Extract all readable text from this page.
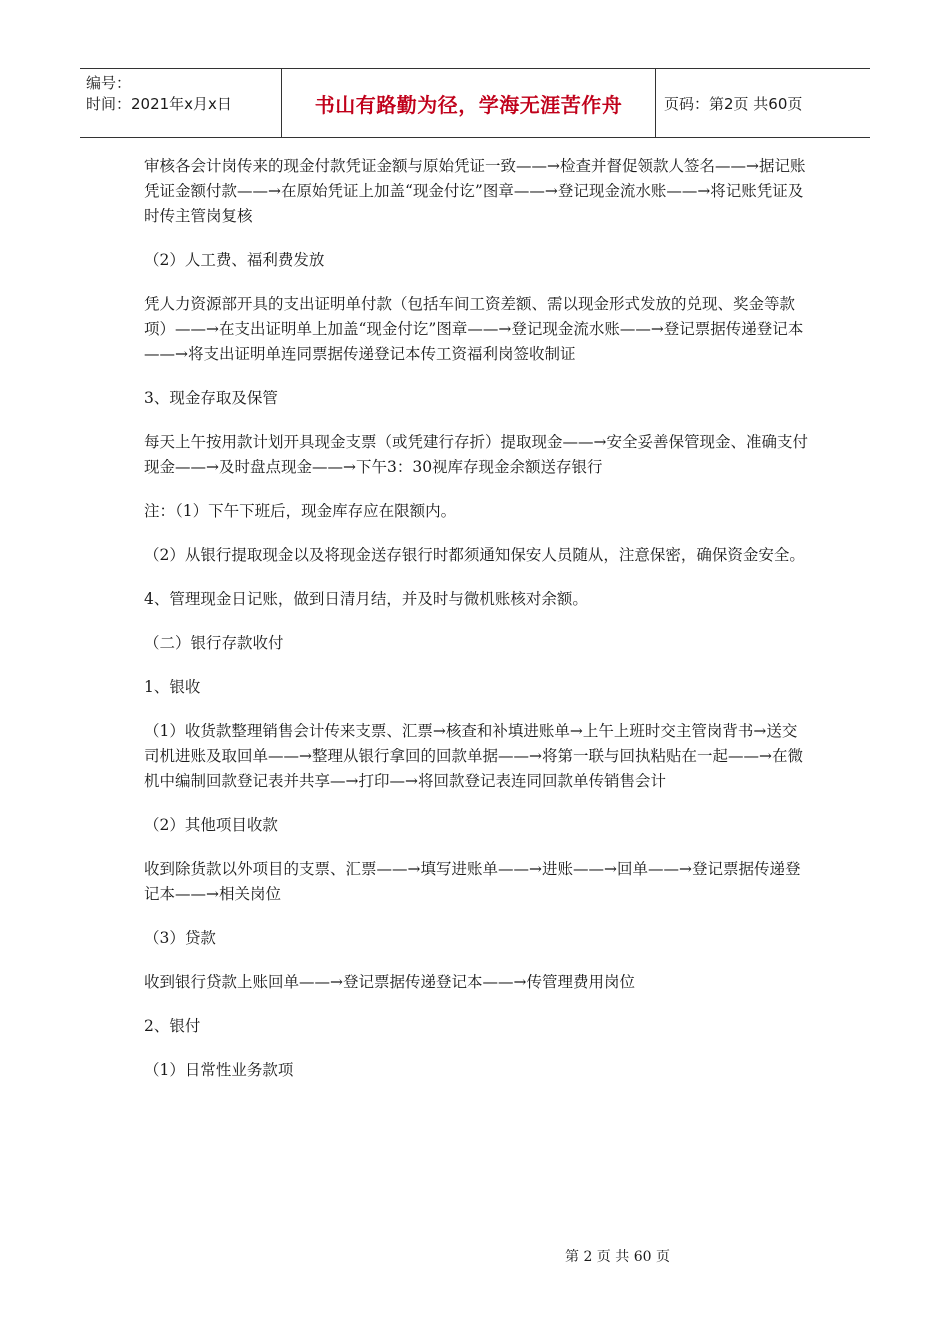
编号：
时间：2021年x月x日	书山有路勤为径，学海无涯苦作舟	页码：第2页 共60页

审核各会计岗传来的现金付款凭证金额与原始凭证一致——→检查并督促领款人签名——→据记账凭证金额付款——→在原始凭证上加盖“现金付讫”图章——→登记现金流水账——→将记账凭证及时传主管岗复核

（2）人工费、福利费发放

凭人力资源部开具的支出证明单付款（包括车间工资差额、需以现金形式发放的兑现、奖金等款项）——→在支出证明单上加盖“现金付讫”图章——→登记现金流水账——→登记票据传递登记本——→将支出证明单连同票据传递登记本传工资福利岗签收制证

3、现金存取及保管

每天上午按用款计划开具现金支票（或凭建行存折）提取现金——→安全妥善保管现金、准确支付现金——→及时盘点现金——→下午3：30视库存现金余额送存银行

注：（1）下午下班后，现金库存应在限额内。

（2）从银行提取现金以及将现金送存银行时都须通知保安人员随从，注意保密，确保资金安全。

4、管理现金日记账，做到日清月结，并及时与微机账核对余额。

（二）银行存款收付

1、银收

（1）收货款整理销售会计传来支票、汇票→核查和补填进账单→上午上班时交主管岗背书→送交司机进账及取回单——→整理从银行拿回的回款单据——→将第一联与回执粘贴在一起——→在微机中编制回款登记表并共享—→打印—→将回款登记表连同回款单传销售会计

（2）其他项目收款

收到除货款以外项目的支票、汇票——→填写进账单——→进账——→回单——→登记票据传递登记本——→相关岗位

（3）贷款

收到银行贷款上账回单——→登记票据传递登记本——→传管理费用岗位

2、银付

（1）日常性业务款项

第 2 页 共 60 页
